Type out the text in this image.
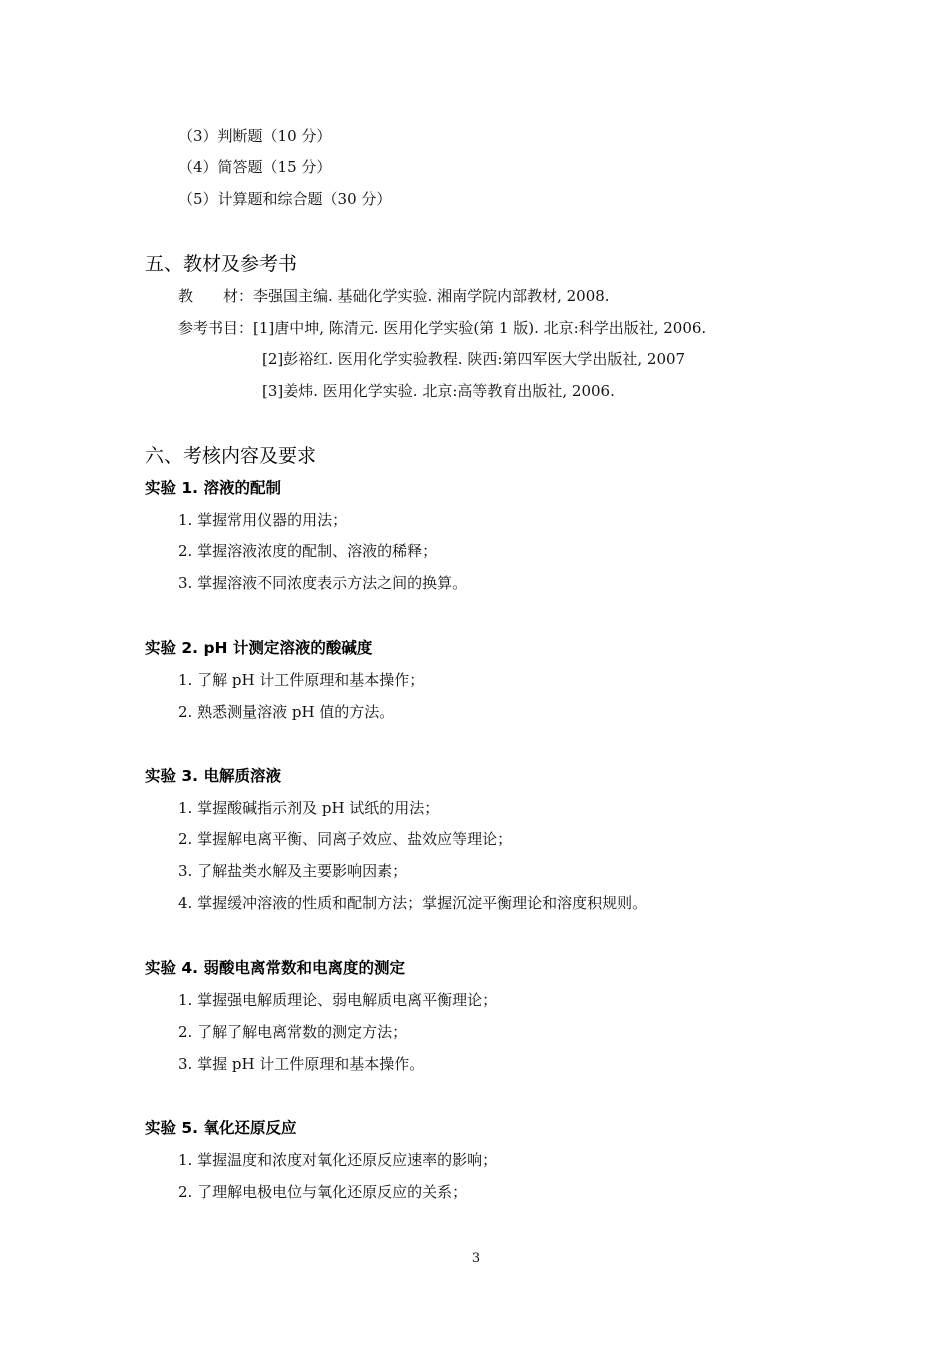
（3）判断题（10 分）
（4）简答题（15 分）
（5）计算题和综合题（30 分）
五、教材及参考书
教　　材：李强国主编. 基础化学实验. 湘南学院内部教材, 2008.
参考书目：[1]唐中坤, 陈清元. 医用化学实验(第 1 版). 北京:科学出版社, 2006.
[2]彭裕红. 医用化学实验教程. 陕西:第四军医大学出版社, 2007
[3]姜炜. 医用化学实验. 北京:高等教育出版社, 2006.
六、考核内容及要求
实验 1. 溶液的配制
1. 掌握常用仪器的用法；
2. 掌握溶液浓度的配制、溶液的稀释；
3. 掌握溶液不同浓度表示方法之间的换算。
实验 2. pH 计测定溶液的酸碱度
1. 了解 pH 计工件原理和基本操作；
2. 熟悉测量溶液 pH 值的方法。
实验 3. 电解质溶液
1. 掌握酸碱指示剂及 pH 试纸的用法；
2. 掌握解电离平衡、同离子效应、盐效应等理论；
3. 了解盐类水解及主要影响因素；
4. 掌握缓冲溶液的性质和配制方法；掌握沉淀平衡理论和溶度积规则。
实验 4. 弱酸电离常数和电离度的测定
1. 掌握强电解质理论、弱电解质电离平衡理论；
2. 了解了解电离常数的测定方法；
3. 掌握 pH 计工件原理和基本操作。
实验 5. 氧化还原反应
1. 掌握温度和浓度对氧化还原反应速率的影响；
2. 了理解电极电位与氧化还原反应的关系；
3
